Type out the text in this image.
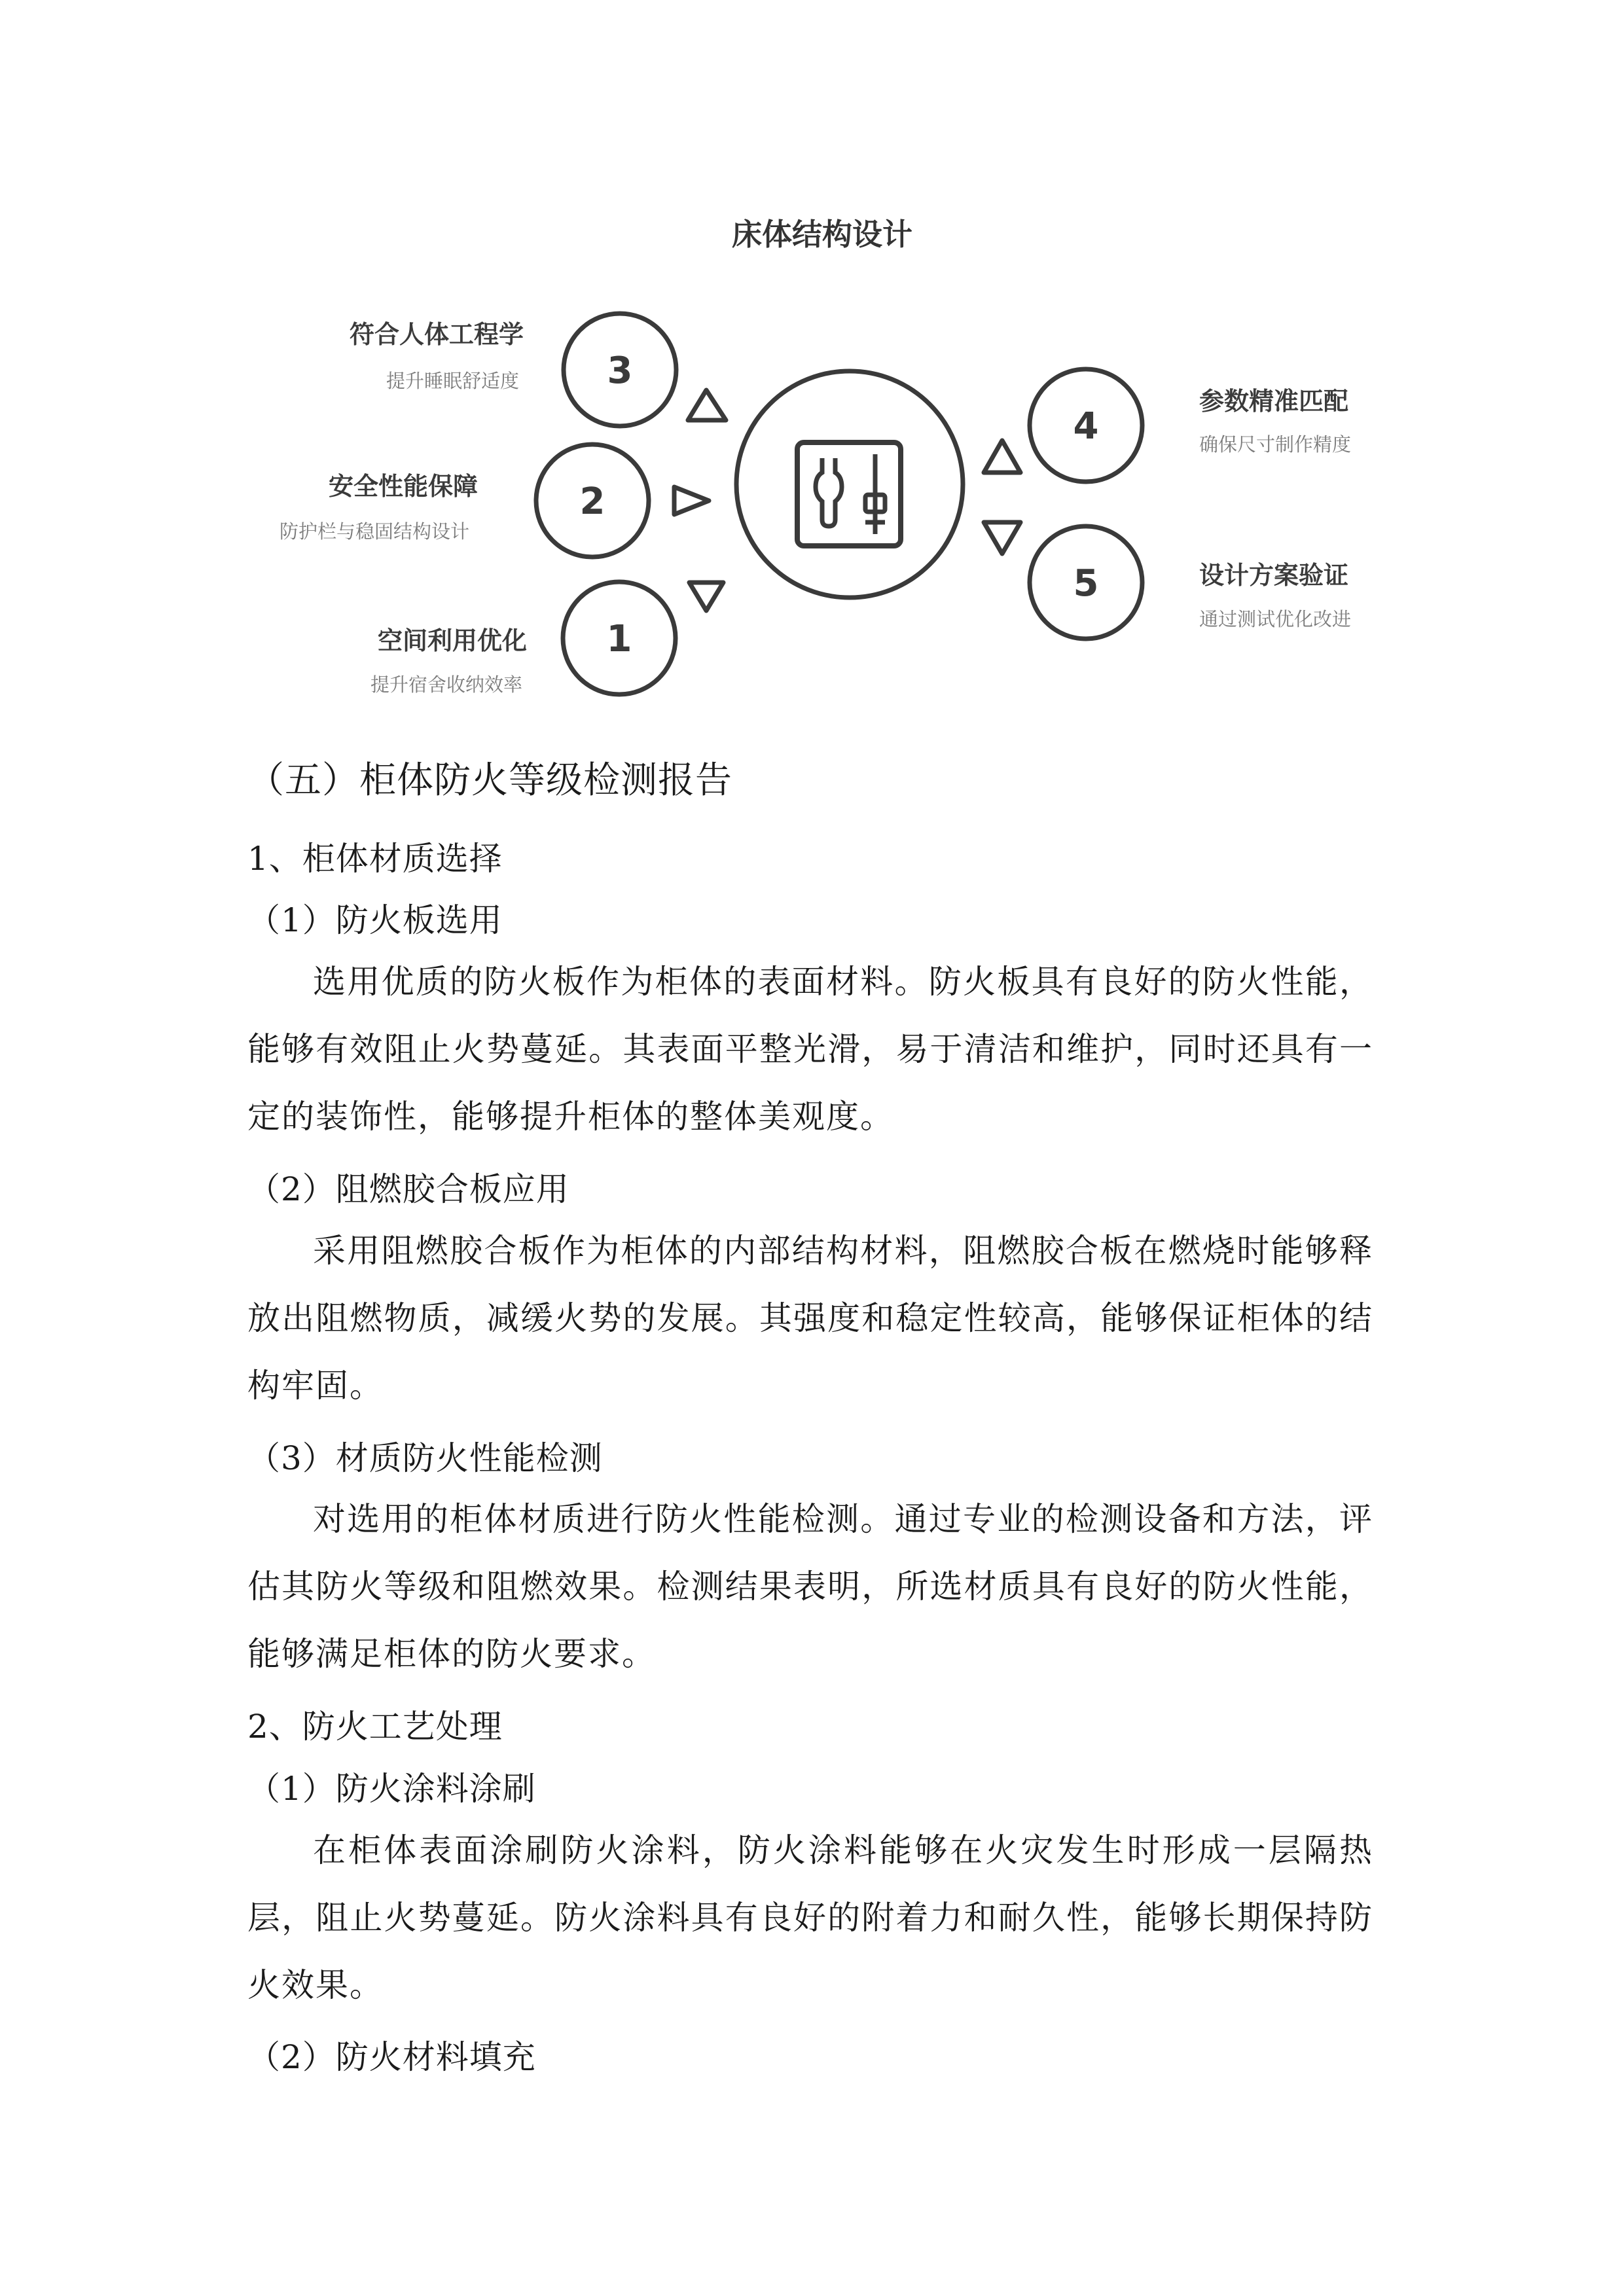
3
2
1
4
5
床体结构设计
符合人体工程学
提升睡眠舒适度
安全性能保障
防护栏与稳固结构设计
空间利用优化
提升宿舍收纳效率
参数精准匹配
确保尺寸制作精度
设计方案验证
通过测试优化改进
（五）柜体防火等级检测报告
1、柜体材质选择
（1）防火板选用
选用优质的防火板作为柜体的表面材料。防火板具有良好的防火性能，能够有效阻止火势蔓延。其表面平整光滑，易于清洁和维护，同时还具有一定的装饰性，能够提升柜体的整体美观度。
（2）阻燃胶合板应用
采用阻燃胶合板作为柜体的内部结构材料，阻燃胶合板在燃烧时能够释放出阻燃物质，减缓火势的发展。其强度和稳定性较高，能够保证柜体的结构牢固。
（3）材质防火性能检测
对选用的柜体材质进行防火性能检测。通过专业的检测设备和方法，评估其防火等级和阻燃效果。检测结果表明，所选材质具有良好的防火性能，能够满足柜体的防火要求。
2、防火工艺处理
（1）防火涂料涂刷
在柜体表面涂刷防火涂料，防火涂料能够在火灾发生时形成一层隔热层，阻止火势蔓延。防火涂料具有良好的附着力和耐久性，能够长期保持防火效果。
（2）防火材料填充
